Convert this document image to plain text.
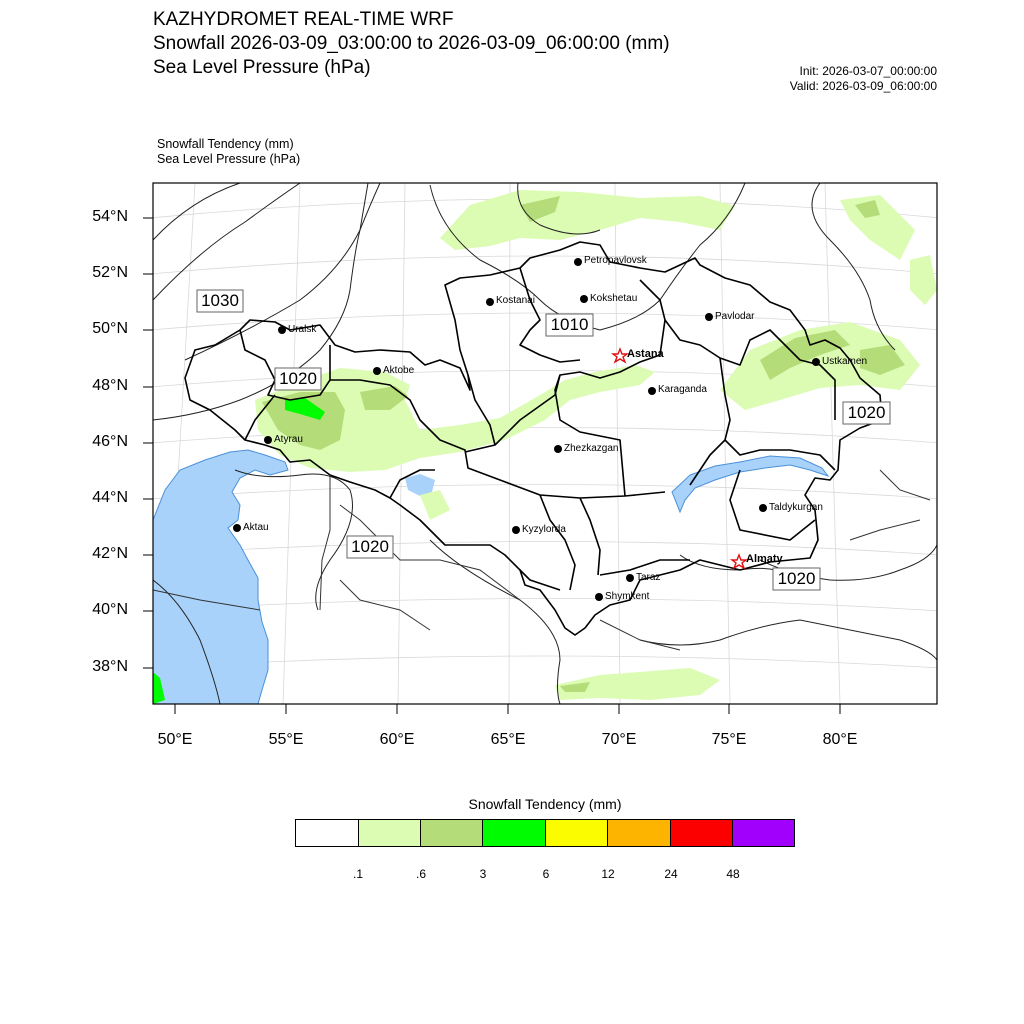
KAZHYDROMET REAL-TIME WRF
Snowfall 2026-03-09_03:00:00 to 2026-03-09_06:00:00 (mm)
Sea Level Pressure (hPa)	Init: 2026-03-07_00:00:00
Valid: 2026-03-09_06:00:00
Snowfall Tendency (mm)
Sea Level Pressure (hPa)
1030
1020
1010
1020
1020
1020
Petropavlovsk
Kostanai	Kokshetau
Pavlodar
Uralsk
Astana
Aktobe
Ustkamen
Karaganda
Atyrau
Zhezkazgan
Aktau	Kyzylorda
Taldykurgan
Almaty
Taraz
Shymkent
54°N
52°N
50°N
48°N
46°N
44°N
42°N
40°N
38°N
50°E	55°E	60°E	65°E	70°E	75°E	80°E
Snowfall Tendency (mm)
.1	.6	3	6	12	24	48
